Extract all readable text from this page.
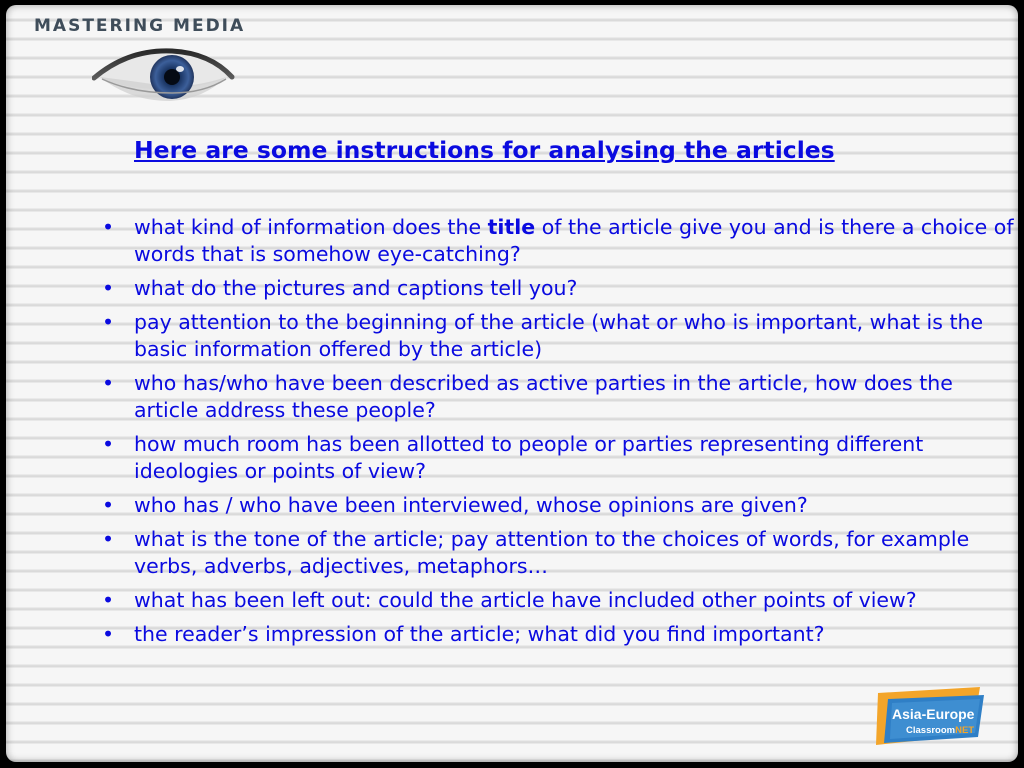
MASTERING MEDIA
Here are some instructions for analysing the articles
• what kind of information does the title of the article give you and is there a choice of words that is somehow eye-catching?
• what do the pictures and captions tell you?
• pay attention to the beginning of the article (what or who is important, what is the basic information offered by the article)
• who has/who have been described as active parties in the article, how does the article address these people?
• how much room has been allotted to people or parties representing different ideologies or points of view?
• who has / who have been interviewed, whose opinions are given?
• what is the tone of the article; pay attention to the choices of words, for example verbs, adverbs, adjectives, metaphors…
• what has been left out: could the article have included other points of view?
• the reader’s impression of the article; what did you find important?
Asia-Europe
ClassroomNET
